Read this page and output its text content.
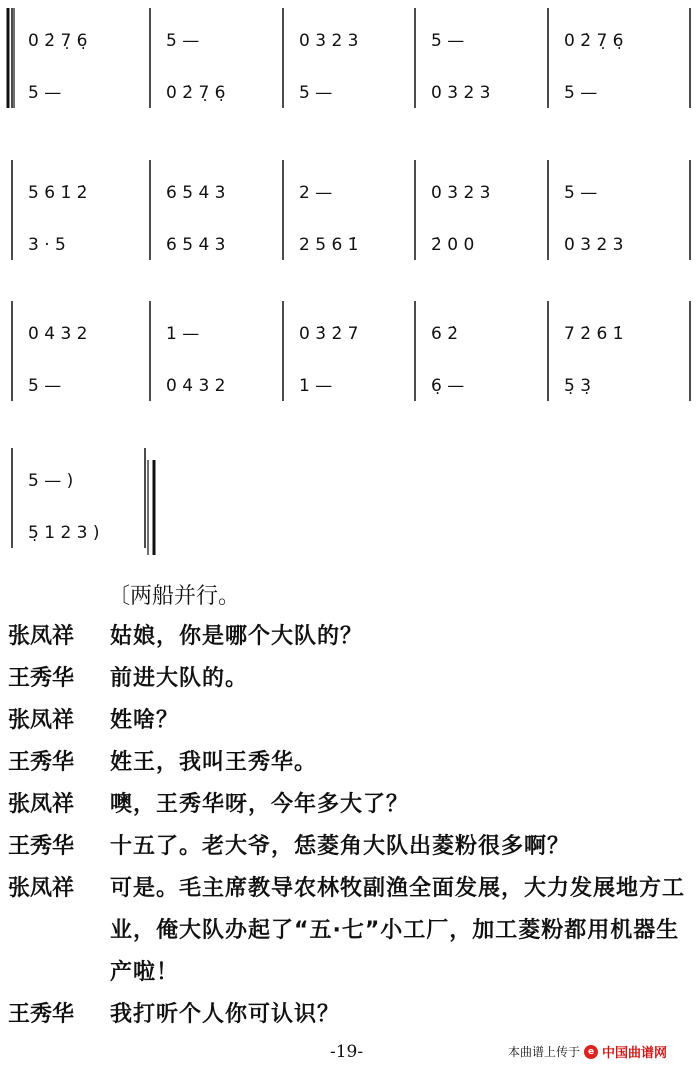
0 2̇ 7̣ 6̣
5 —
5 —
0 2̇ 7̣ 6̣
0 3 2 3
5 —
5 —
0 3 2 3
0 2̇ 7̣ 6̣
5 —
5 6 1̇ 2̇
3 · 5
6 5 4 3
6 5 4 3
2 —
2 5 6 1̇
0 3 2 3
2̇ 0 0
5 —
0 3 2 3
0 4 3 2
5 —
1 —
0 4 3 2
0 3̇ 2̇ 7
1 —
6 2̇
6̣ —
7 2̇ 6 1̇
5̣ 3̣
5 — )
5̣ 1 2 3 )
〔两船并行。
张凤祥	姑娘，你是哪个大队的？
王秀华	前进大队的。
张凤祥	姓啥？
王秀华	姓王，我叫王秀华。
张凤祥	噢，王秀华呀，今年多大了？
王秀华	十五了。老大爷，恁菱角大队出菱粉很多啊？
张凤祥	可是。毛主席教导农林牧副渔全面发展，大力发展地方工业，俺大队办起了“五·七”小工厂，加工菱粉都用机器生产啦！
王秀华	我打听个人你可认识？
-19-	本曲谱上传于 e 中国曲谱网
